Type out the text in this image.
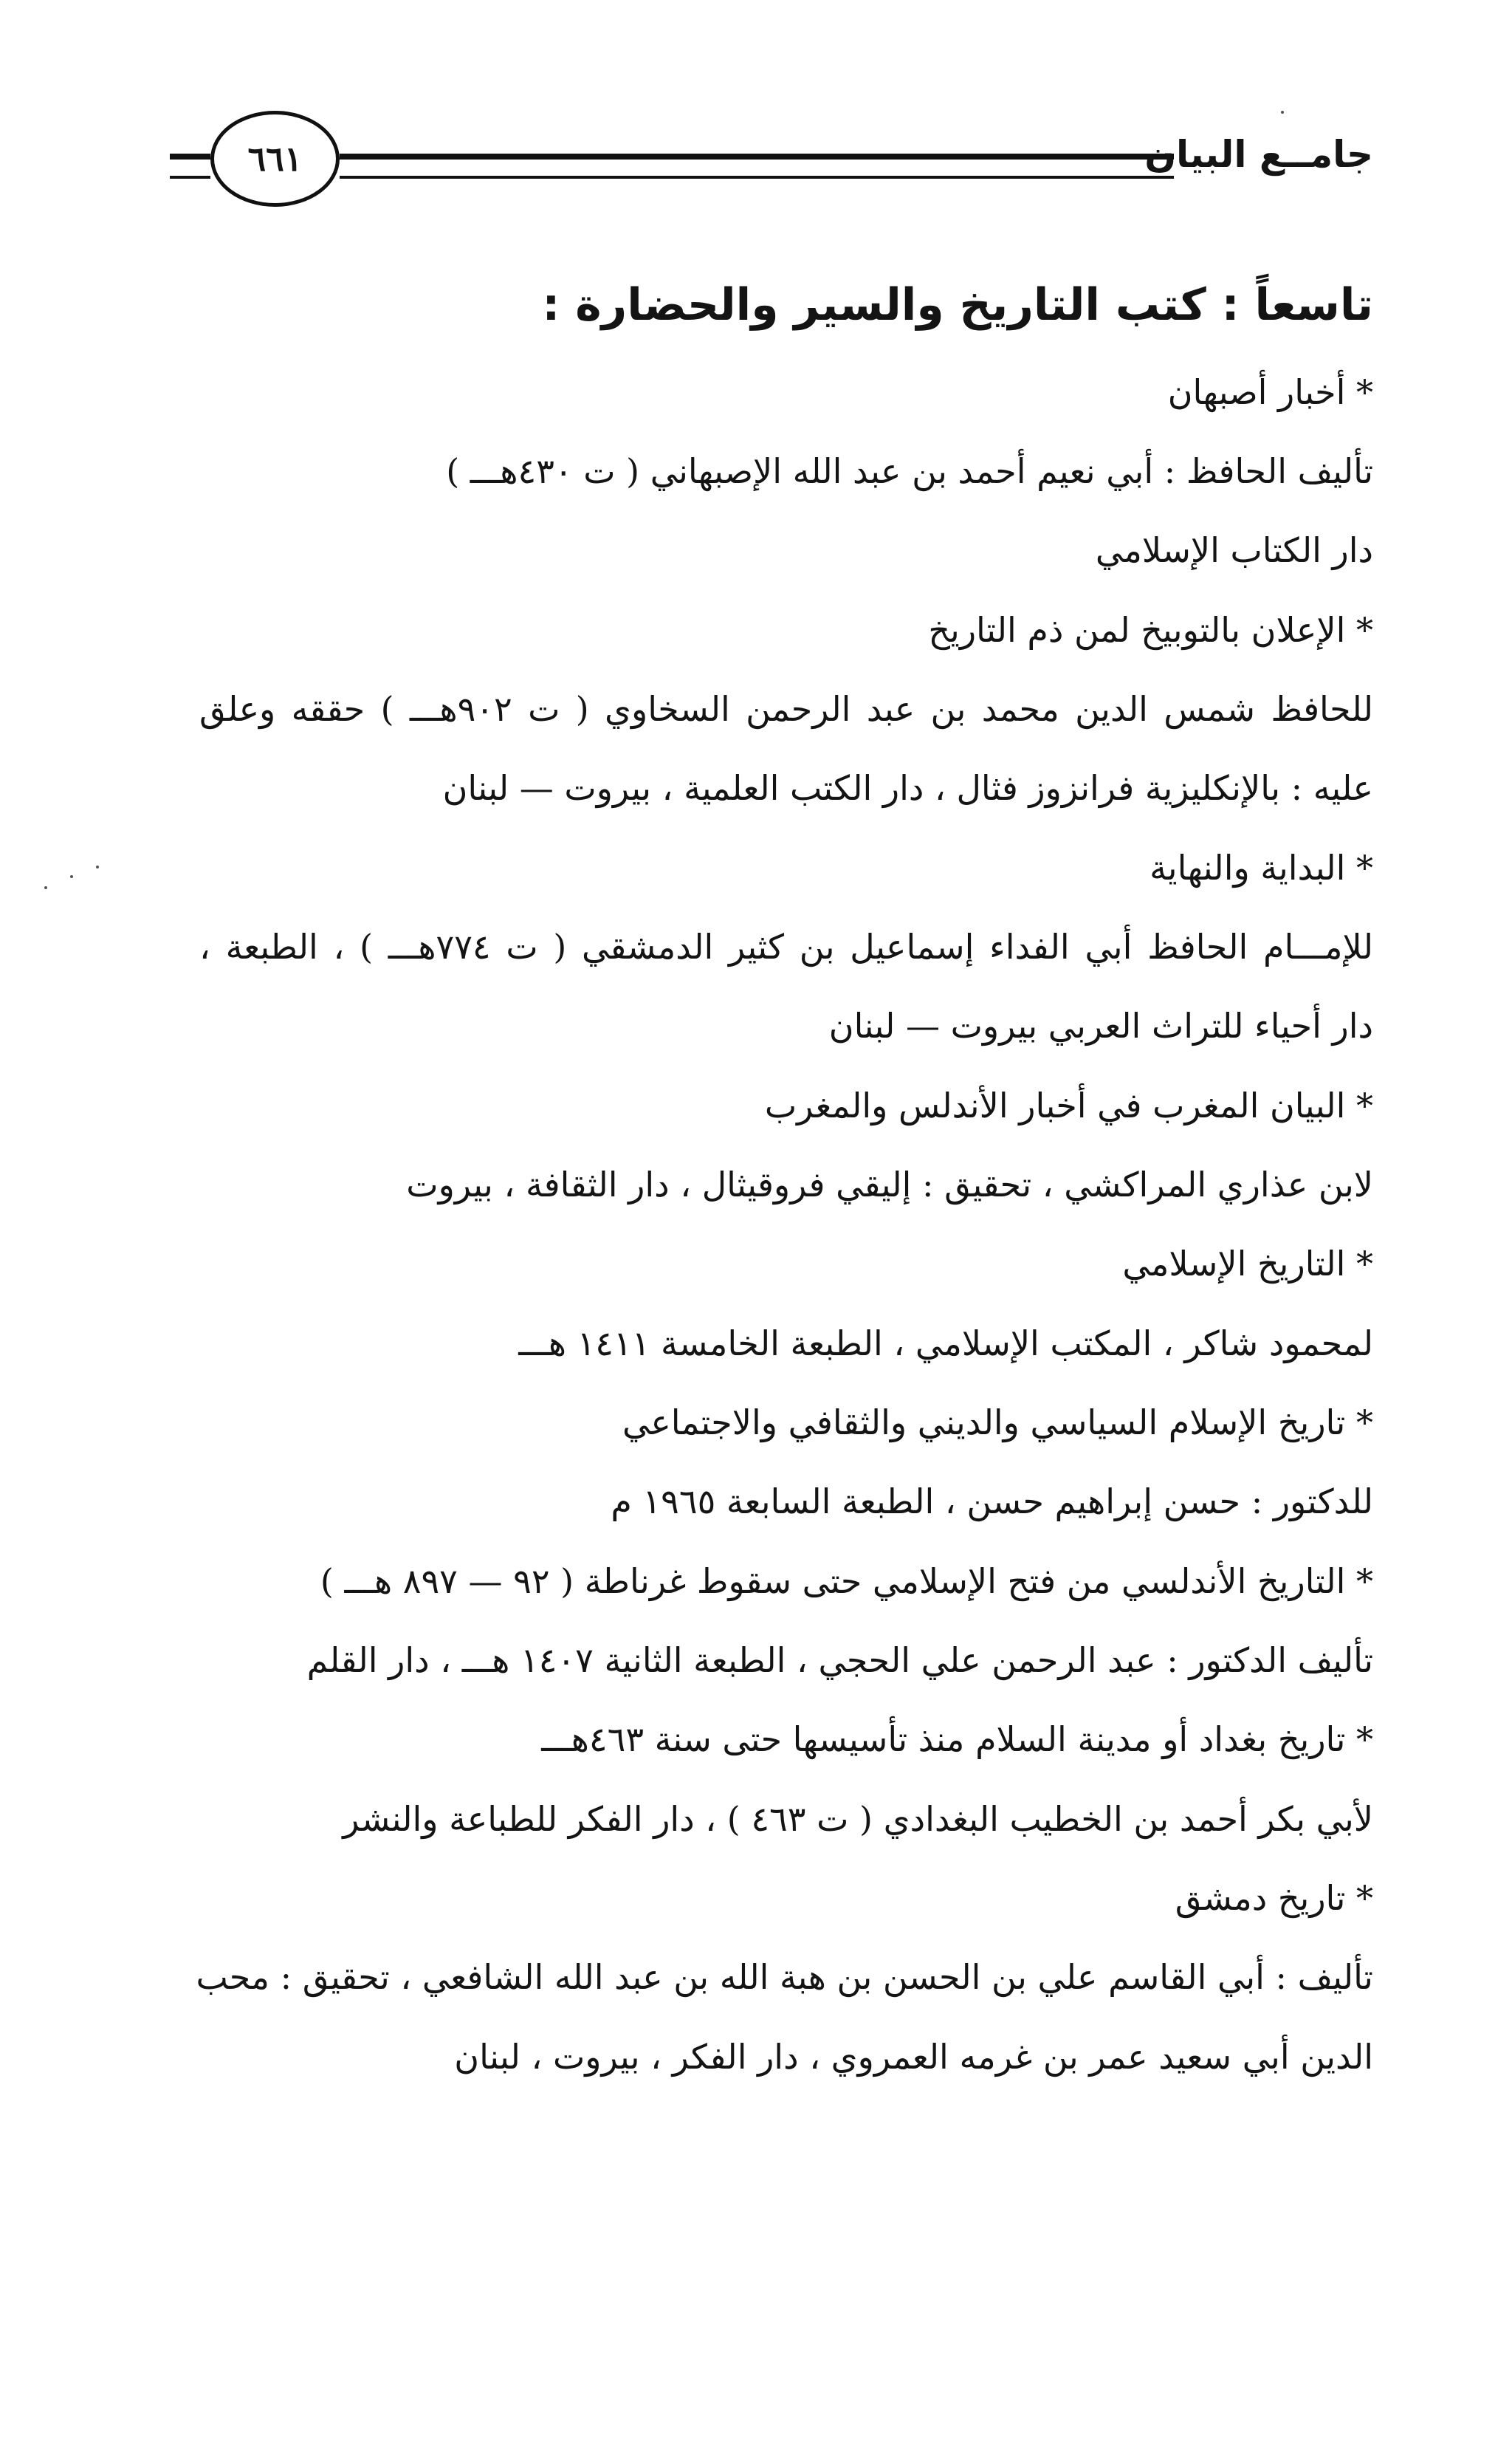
٦٦١	جامــع البيان
تاسعاً : كتب التاريخ والسير والحضارة :
* أخبار أصبهان
تأليف الحافظ : أبي نعيم أحمد بن عبد الله الإصبهاني ( ت ٤٣٠هـــ )
دار الكتاب الإسلامي
* الإعلان بالتوبيخ لمن ذم التاريخ
للحافظ شمس الدين محمد بن عبد الرحمن السخاوي ( ت ٩٠٢هـــ ) حققه وعلق
عليه : بالإنكليزية فرانزوز فثال ، دار الكتب العلمية ، بيروت — لبنان
* البداية والنهاية
للإمـــام الحافظ أبي الفداء إسماعيل بن كثير الدمشقي ( ت ٧٧٤هـــ ) ، الطبعة ،
دار أحياء للتراث العربي بيروت — لبنان
* البيان المغرب في أخبار الأندلس والمغرب
لابن عذاري المراكشي ، تحقيق : إليقي فروقيثال ، دار الثقافة ، بيروت
* التاريخ الإسلامي
لمحمود شاكر ، المكتب الإسلامي ، الطبعة الخامسة ١٤١١ هـــ
* تاريخ الإسلام السياسي والديني والثقافي والاجتماعي
للدكتور : حسن إبراهيم حسن ، الطبعة السابعة ١٩٦٥ م
* التاريخ الأندلسي من فتح الإسلامي حتى سقوط غرناطة ( ٩٢ — ٨٩٧ هـــ )
تأليف الدكتور : عبد الرحمن علي الحجي ، الطبعة الثانية ١٤٠٧ هـــ ، دار القلم
* تاريخ بغداد أو مدينة السلام منذ تأسيسها حتى سنة ٤٦٣هـــ
لأبي بكر أحمد بن الخطيب البغدادي ( ت ٤٦٣ ) ، دار الفكر للطباعة والنشر
* تاريخ دمشق
تأليف : أبي القاسم علي بن الحسن بن هبة الله بن عبد الله الشافعي ، تحقيق : محب
الدين أبي سعيد عمر بن غرمه العمروي ، دار الفكر ، بيروت ، لبنان
